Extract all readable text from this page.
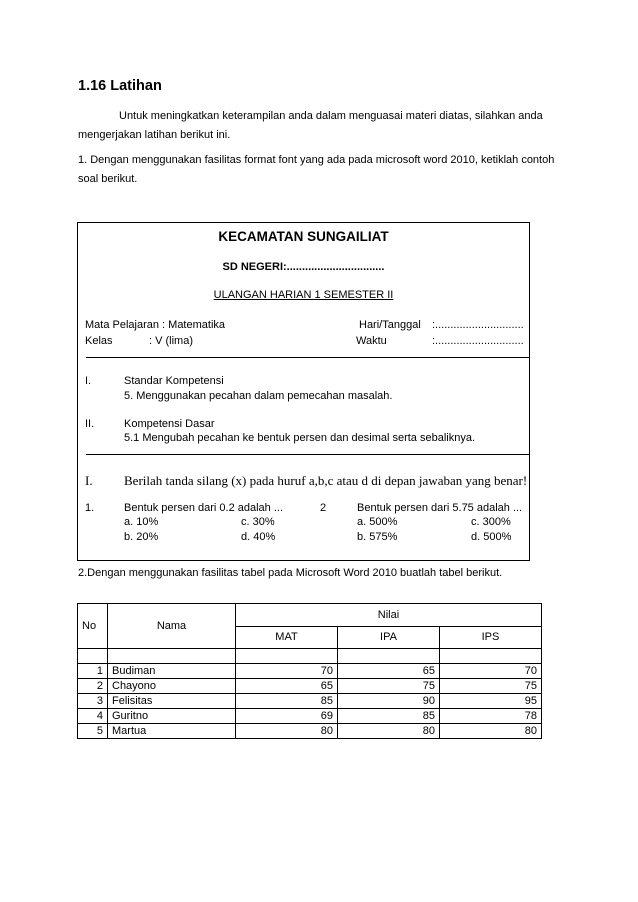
1.16 Latihan
Untuk meningkatkan keterampilan anda dalam menguasai materi diatas, silahkan anda
mengerjakan latihan berikut ini.
1. Dengan menggunakan fasilitas format font yang ada pada microsoft word 2010, ketiklah contoh
soal berikut.
KECAMATAN SUNGAILIAT
SD NEGERI:................................
ULANGAN HARIAN 1 SEMESTER II
Mata Pelajaran : Matematika
Kelas	: V (lima)
Hari/Tanggal :.............................
Waktu	:.............................
I.	Standar Kompetensi
5. Menggunakan pecahan dalam pemecahan masalah.
II.	Kompetensi Dasar
5.1 Mengubah pecahan ke bentuk persen dan desimal serta sebaliknya.
I. Berilah tanda silang (x) pada huruf a,b,c atau d di depan jawaban yang benar!
1.	Bentuk persen dari 0.2 adalah ...
a. 10%
b. 20%
c. 30%
d. 40%
2	Bentuk persen dari 5.75 adalah ...
a. 500%
b. 575%
c. 300%
d. 500%
2.Dengan menggunakan fasilitas tabel pada Microsoft Word 2010 buatlah tabel berikut.
No	Nama	Nilai		
		MAT	IPA	IPS

1	Budiman	70	65	70
2	Chayono	65	75	75
3	Felisitas	85	90	95
4	Guritno	69	85	78
5	Martua	80	80	80
